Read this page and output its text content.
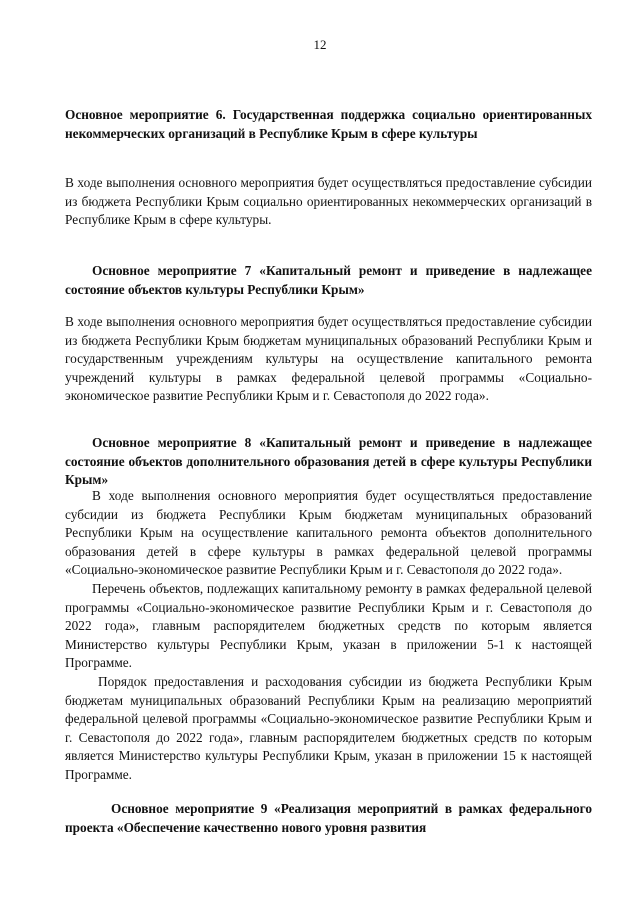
12

Основное мероприятие 6. Государственная поддержка социально ориентированных некоммерческих организаций в Республике Крым в сфере культуры

В ходе выполнения основного мероприятия будет осуществляться предоставление субсидии из бюджета Республики Крым социально ориентированных некоммерческих организаций в Республике Крым в сфере культуры.

Основное мероприятие 7 «Капитальный ремонт и приведение в надлежащее состояние объектов культуры Республики Крым»

В ходе выполнения основного мероприятия будет осуществляться предоставление субсидии из бюджета Республики Крым бюджетам муниципальных образований Республики Крым и государственным учреждениям культуры на осуществление капитального ремонта учреждений культуры в рамках федеральной целевой программы «Социально-экономическое развитие Республики Крым и г. Севастополя до 2022 года».

Основное мероприятие 8 «Капитальный ремонт и приведение в надлежащее состояние объектов дополнительного образования детей в сфере культуры Республики Крым»

В ходе выполнения основного мероприятия будет осуществляться предоставление субсидии из бюджета Республики Крым бюджетам муниципальных образований Республики Крым на осуществление капитального ремонта объектов дополнительного образования детей в сфере культуры в рамках федеральной целевой программы «Социально-экономическое развитие Республики Крым и г. Севастополя до 2022 года».

Перечень объектов, подлежащих капитальному ремонту в рамках федеральной целевой программы «Социально-экономическое развитие Республики Крым и г. Севастополя до 2022 года», главным распорядителем бюджетных средств по которым является Министерство культуры Республики Крым, указан в приложении 5-1 к настоящей Программе.

Порядок предоставления и расходования субсидии из бюджета Республики Крым бюджетам муниципальных образований Республики Крым на реализацию мероприятий федеральной целевой программы «Социально-экономическое развитие Республики Крым и г. Севастополя до 2022 года», главным распорядителем бюджетных средств по которым является Министерство культуры Республики Крым, указан в приложении 15 к настоящей Программе.

Основное мероприятие 9 «Реализация мероприятий в рамках федерального проекта «Обеспечение качественно нового уровня развития
